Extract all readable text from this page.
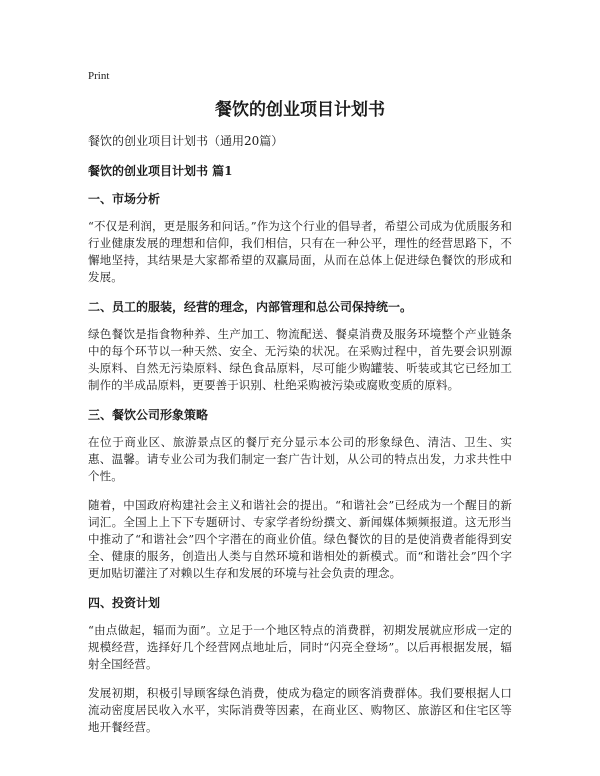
Print
餐饮的创业项目计划书
餐饮的创业项目计划书（通用20篇）
餐饮的创业项目计划书 篇1
一、市场分析

“不仅是利润，更是服务和问话。”作为这个行业的倡导者，希望公司成为优质服务和行业健康发展的理想和信仰，我们相信，只有在一种公平，理性的经营思路下，不懈地坚持，其结果是大家都希望的双赢局面，从而在总体上促进绿色餐饮的形成和发展。

二、员工的服装，经营的理念，内部管理和总公司保持统一。

绿色餐饮是指食物种养、生产加工、物流配送、餐桌消费及服务环境整个产业链条中的每个环节以一种天然、安全、无污染的状况。在采购过程中，首先要会识别源头原料、自然无污染原料、绿色食品原料，尽可能少购罐装、听装或其它已经加工制作的半成品原料，更要善于识别、杜绝采购被污染或腐败变质的原料。

三、餐饮公司形象策略

在位于商业区、旅游景点区的餐厅充分显示本公司的形象绿色、清洁、卫生、实惠、温馨。请专业公司为我们制定一套广告计划，从公司的特点出发，力求共性中个性。

随着，中国政府构建社会主义和谐社会的提出。“和谐社会”已经成为一个醒目的新词汇。全国上上下下专题研讨、专家学者纷纷撰文、新闻媒体频频报道。这无形当中推动了“和谐社会”四个字潜在的商业价值。绿色餐饮的目的是使消费者能得到安全、健康的服务，创造出人类与自然环境和谐相处的新模式。而“和谐社会”四个字更加贴切灌注了对赖以生存和发展的环境与社会负责的理念。

四、投资计划

“由点做起，辐而为面”。立足于一个地区特点的消费群，初期发展就应形成一定的规模经营，选择好几个经营网点地址后，同时“闪亮全登场”。以后再根据发展，辐射全国经营。

发展初期，积极引导顾客绿色消费，使成为稳定的顾客消费群体。我们要根据人口流动密度居民收入水平，实际消费等因素，在商业区、购物区、旅游区和住宅区等地开餐经营。
